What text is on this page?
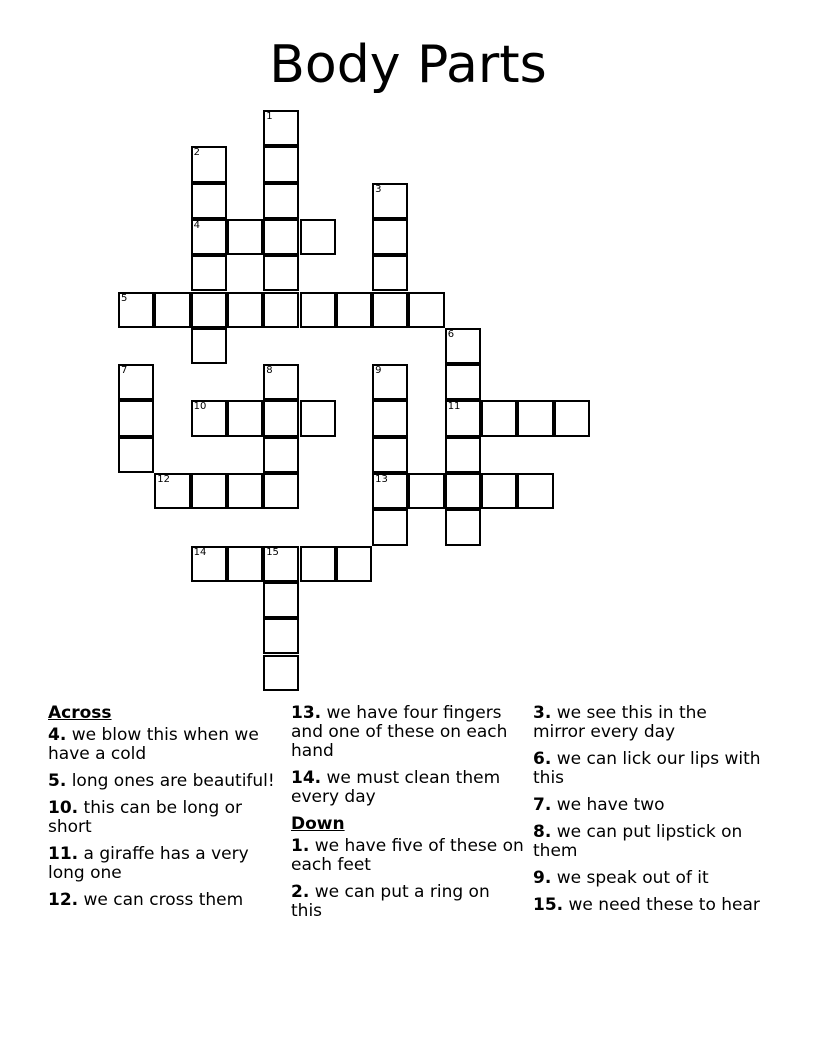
Body Parts
1
2
4
3
5
6
11
7	8	9
13
10
12
14	15
Across
4. we blow this when we have a cold
5. long ones are beautiful!
10. this can be long or short
11. a giraffe has a very long one
12. we can cross them
13. we have four fingers and one of these on each hand
14. we must clean them every day
Down
1. we have five of these on each feet
2. we can put a ring on this
3. we see this in the mirror every day
6. we can lick our lips with this
7. we have two
8. we can put lipstick on them
9. we speak out of it
15. we need these to hear
